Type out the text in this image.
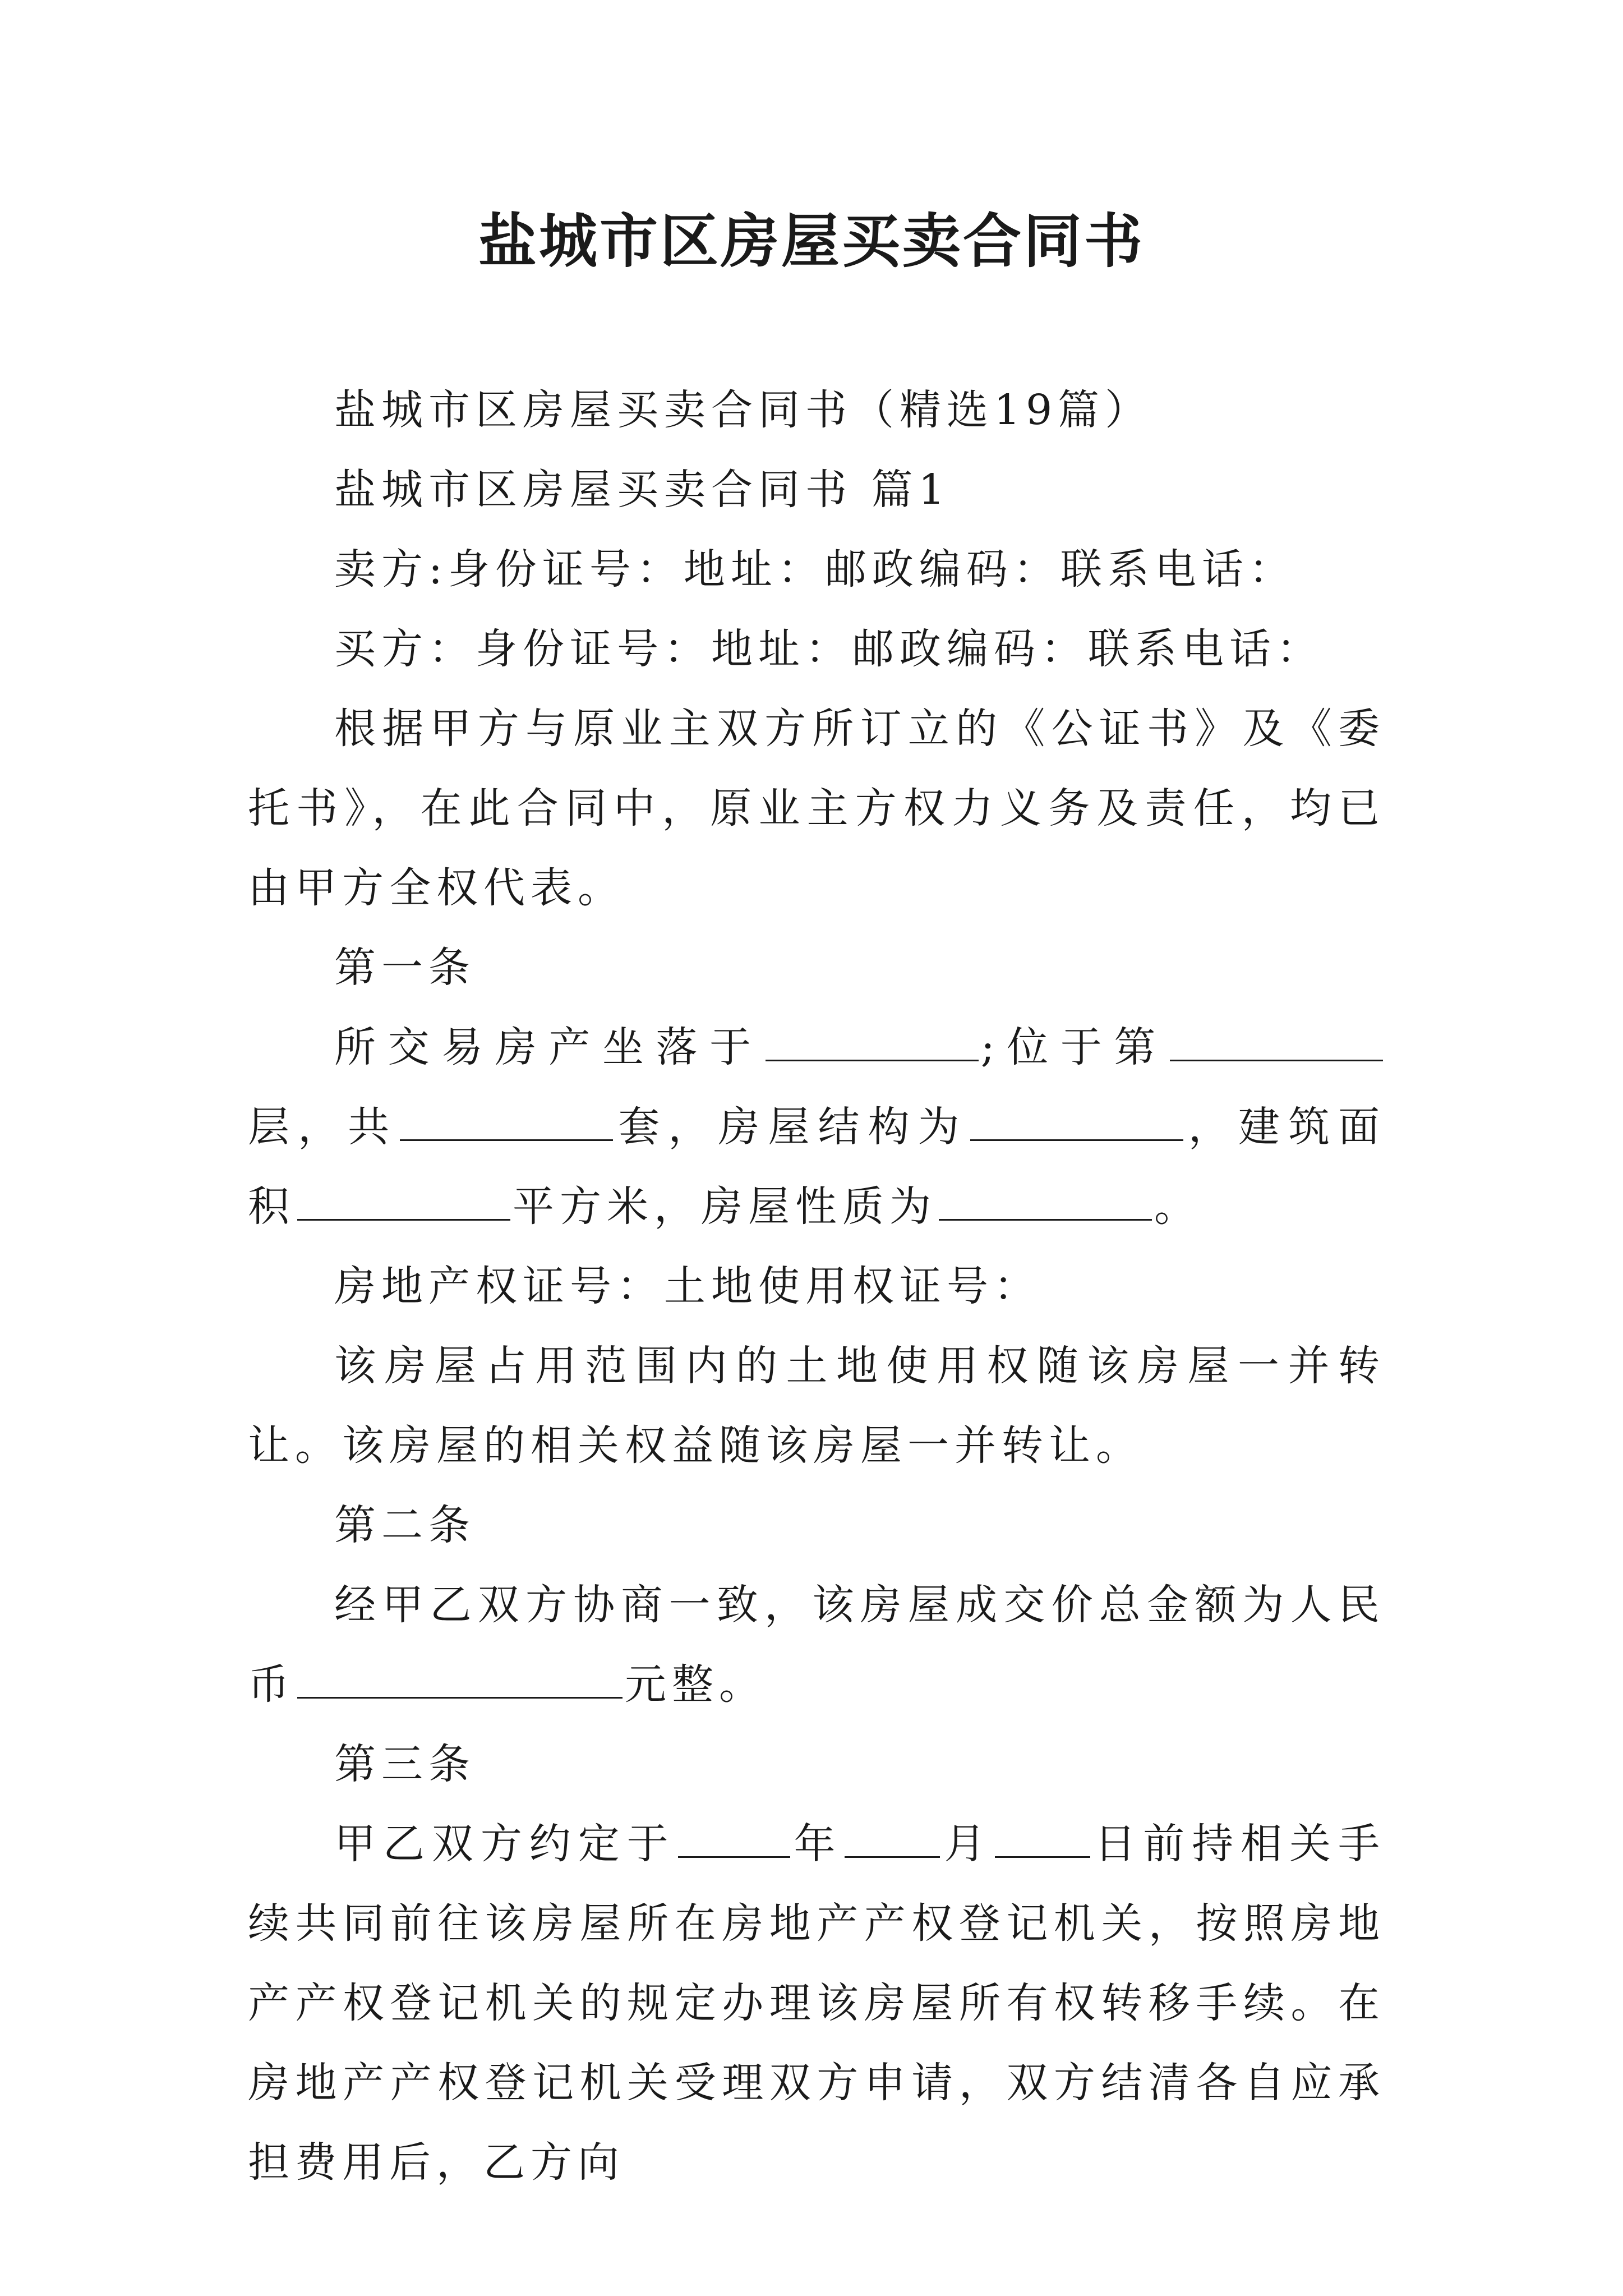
盐城市区房屋买卖合同书

盐城市区房屋买卖合同书（精选19篇）

盐城市区房屋买卖合同书 篇1

卖方:身份证号：地址：邮政编码：联系电话：

买方：身份证号：地址：邮政编码：联系电话：

根据甲方与原业主双方所订立的《公证书》及《委托书》，在此合同中，原业主方权力义务及责任，均已由甲方全权代表。

第一条

所交易房产坐落于	;位于第层，共	套，房屋结构为	，建筑面积	平方米，房屋性质为	。

房地产权证号：土地使用权证号：

该房屋占用范围内的土地使用权随该房屋一并转让。该房屋的相关权益随该房屋一并转让。

第二条

经甲乙双方协商一致，该房屋成交价总金额为人民币	元整。

第三条

甲乙双方约定于	年 月 日前持相关手续共同前往该房屋所在房地产产权登记机关，按照房地产产权登记机关的规定办理该房屋所有权转移手续。在房地产产权登记机关受理双方申请，双方结清各自应承担费用后，乙方向
